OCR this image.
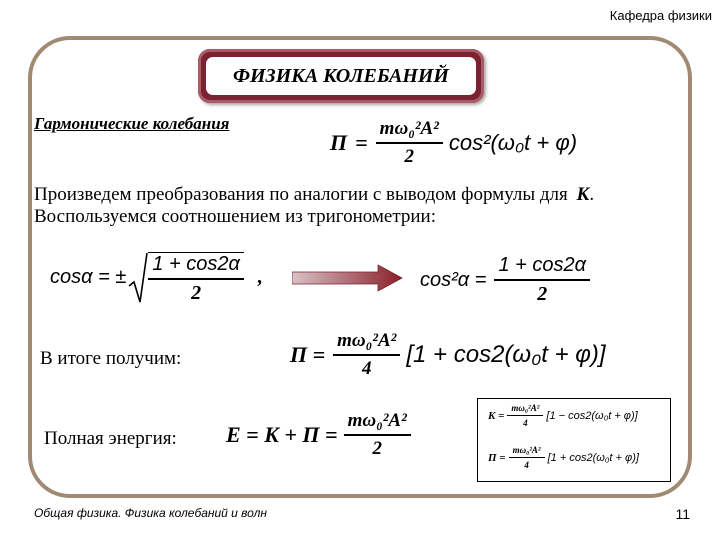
Кафедра физики
ФИЗИКА КОЛЕБАНИЙ
Гармонические колебания
$П = \frac{\text{mω₀²A²}}{2} \cos^2(\omega_0t + \varphi)$
Произведем преобразования по аналогии с выводом формулы для К.
Воспользуемся соотношением из тригонометрии:
cosα = ± $\frac{1 + \cos 2\alpha}{2}$ ,	$\cos^2\alpha = \frac{1 + \cos 2\alpha}{2}$
В итоге получим:	$П = \frac{\text{mω₀²A²}}{4} [1 + \cos 2(\omega_0t + \varphi)]$
Полная энергия: $E = K + П = \frac{\text{mω₀²A²}}{2}$	$K = \frac{\text{mω₀²A²}}{4} [1 - \cos 2(\omega_0t + \varphi)]$
$П = \frac{\text{mω₀²A²}}{4} [1 + \cos 2(\omega_0t + \varphi)]$
Общая физика. Физика колебаний и волн	11
